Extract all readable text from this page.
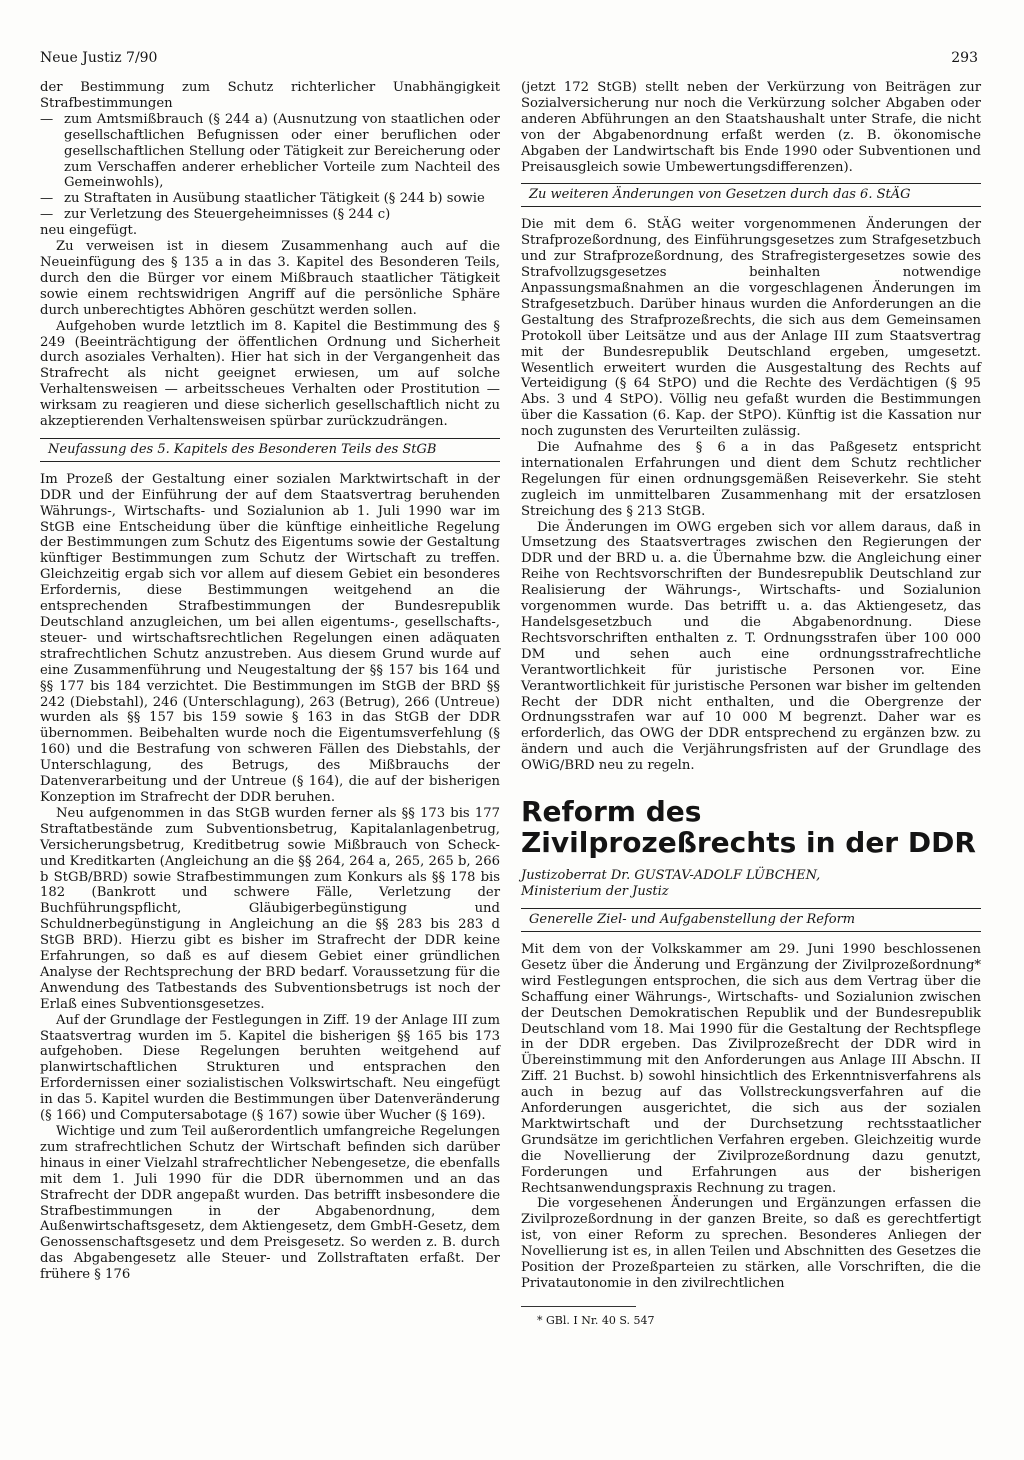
Neue Justiz 7/90	293

der Bestimmung zum Schutz richterlicher Unabhängigkeit Strafbestimmungen

— zum Amtsmißbrauch (§ 244 a) (Ausnutzung von staatlichen oder gesellschaftlichen Befugnissen oder einer beruflichen oder gesellschaftlichen Stellung oder Tätigkeit zur Bereicherung oder zum Verschaffen anderer erheblicher Vorteile zum Nachteil des Gemeinwohls),
— zu Straftaten in Ausübung staatlicher Tätigkeit (§ 244 b) sowie
— zur Verletzung des Steuergeheimnisses (§ 244 c)

neu eingefügt.

Zu verweisen ist in diesem Zusammenhang auch auf die Neueinfügung des § 135 a in das 3. Kapitel des Besonderen Teils, durch den die Bürger vor einem Mißbrauch staatlicher Tätigkeit sowie einem rechtswidrigen Angriff auf die persönliche Sphäre durch unberechtigtes Abhören geschützt werden sollen.

Aufgehoben wurde letztlich im 8. Kapitel die Bestimmung des § 249 (Beeinträchtigung der öffentlichen Ordnung und Sicherheit durch asoziales Verhalten). Hier hat sich in der Vergangenheit das Strafrecht als nicht geeignet erwiesen, um auf solche Verhaltensweisen — arbeitsscheues Verhalten oder Prostitution — wirksam zu reagieren und diese sicherlich gesellschaftlich nicht zu akzeptierenden Verhaltensweisen spürbar zurückzudrängen.

Neufassung des 5. Kapitels des Besonderen Teils des StGB

Im Prozeß der Gestaltung einer sozialen Marktwirtschaft in der DDR und der Einführung der auf dem Staatsvertrag beruhenden Währungs-, Wirtschafts- und Sozialunion ab 1. Juli 1990 war im StGB eine Entscheidung über die künftige einheitliche Regelung der Bestimmungen zum Schutz des Eigentums sowie der Gestaltung künftiger Bestimmungen zum Schutz der Wirtschaft zu treffen. Gleichzeitig ergab sich vor allem auf diesem Gebiet ein besonderes Erfordernis, diese Bestimmungen weitgehend an die entsprechenden Strafbestimmungen der Bundesrepublik Deutschland anzugleichen, um bei allen eigentums-, gesellschafts-, steuer- und wirtschaftsrechtlichen Regelungen einen adäquaten strafrechtlichen Schutz anzustreben. Aus diesem Grund wurde auf eine Zusammenführung und Neugestaltung der §§ 157 bis 164 und §§ 177 bis 184 verzichtet. Die Bestimmungen im StGB der BRD §§ 242 (Diebstahl), 246 (Unterschlagung), 263 (Betrug), 266 (Untreue) wurden als §§ 157 bis 159 sowie § 163 in das StGB der DDR übernommen. Beibehalten wurde noch die Eigentumsverfehlung (§ 160) und die Bestrafung von schweren Fällen des Diebstahls, der Unterschlagung, des Betrugs, des Mißbrauchs der Datenverarbeitung und der Untreue (§ 164), die auf der bisherigen Konzeption im Strafrecht der DDR beruhen.

Neu aufgenommen in das StGB wurden ferner als §§ 173 bis 177 Straftatbestände zum Subventionsbetrug, Kapitalanlagenbetrug, Versicherungsbetrug, Kreditbetrug sowie Mißbrauch von Scheck- und Kreditkarten (Angleichung an die §§ 264, 264 a, 265, 265 b, 266 b StGB/BRD) sowie Strafbestimmungen zum Konkurs als §§ 178 bis 182 (Bankrott und schwere Fälle, Verletzung der Buchführungspflicht, Gläubigerbegünstigung und Schuldnerbegünstigung in Angleichung an die §§ 283 bis 283 d StGB BRD). Hierzu gibt es bisher im Strafrecht der DDR keine Erfahrungen, so daß es auf diesem Gebiet einer gründlichen Analyse der Rechtsprechung der BRD bedarf. Voraussetzung für die Anwendung des Tatbestands des Subventionsbetrugs ist noch der Erlaß eines Subventionsgesetzes.

Auf der Grundlage der Festlegungen in Ziff. 19 der Anlage III zum Staatsvertrag wurden im 5. Kapitel die bisherigen §§ 165 bis 173 aufgehoben. Diese Regelungen beruhten weitgehend auf planwirtschaftlichen Strukturen und entsprachen den Erfordernissen einer sozialistischen Volkswirtschaft. Neu eingefügt in das 5. Kapitel wurden die Bestimmungen über Datenveränderung (§ 166) und Computersabotage (§ 167) sowie über Wucher (§ 169).

Wichtige und zum Teil außerordentlich umfangreiche Regelungen zum strafrechtlichen Schutz der Wirtschaft befinden sich darüber hinaus in einer Vielzahl strafrechtlicher Nebengesetze, die ebenfalls mit dem 1. Juli 1990 für die DDR übernommen und an das Strafrecht der DDR angepaßt wurden. Das betrifft insbesondere die Strafbestimmungen in der Abgabenordnung, dem Außenwirtschaftsgesetz, dem Aktiengesetz, dem GmbH-Gesetz, dem Genossenschaftsgesetz und dem Preisgesetz. So werden z. B. durch das Abgabengesetz alle Steuer- und Zollstraftaten erfaßt. Der frühere § 176

(jetzt 172 StGB) stellt neben der Verkürzung von Beiträgen zur Sozialversicherung nur noch die Verkürzung solcher Abgaben oder anderen Abführungen an den Staatshaushalt unter Strafe, die nicht von der Abgabenordnung erfaßt werden (z. B. ökonomische Abgaben der Landwirtschaft bis Ende 1990 oder Subventionen und Preisausgleich sowie Umbewertungsdifferenzen).

Zu weiteren Änderungen von Gesetzen durch das 6. StÄG

Die mit dem 6. StÄG weiter vorgenommenen Änderungen der Strafprozeßordnung, des Einführungsgesetzes zum Strafgesetzbuch und zur Strafprozeßordnung, des Strafregistergesetzes sowie des Strafvollzugsgesetzes beinhalten notwendige Anpassungsmaßnahmen an die vorgeschlagenen Änderungen im Strafgesetzbuch. Darüber hinaus wurden die Anforderungen an die Gestaltung des Strafprozeßrechts, die sich aus dem Gemeinsamen Protokoll über Leitsätze und aus der Anlage III zum Staatsvertrag mit der Bundesrepublik Deutschland ergeben, umgesetzt. Wesentlich erweitert wurden die Ausgestaltung des Rechts auf Verteidigung (§ 64 StPO) und die Rechte des Verdächtigen (§ 95 Abs. 3 und 4 StPO). Völlig neu gefaßt wurden die Bestimmungen über die Kassation (6. Kap. der StPO). Künftig ist die Kassation nur noch zugunsten des Verurteilten zulässig.

Die Aufnahme des § 6 a in das Paßgesetz entspricht internationalen Erfahrungen und dient dem Schutz rechtlicher Regelungen für einen ordnungsgemäßen Reiseverkehr. Sie steht zugleich im unmittelbaren Zusammenhang mit der ersatzlosen Streichung des § 213 StGB.

Die Änderungen im OWG ergeben sich vor allem daraus, daß in Umsetzung des Staatsvertrages zwischen den Regierungen der DDR und der BRD u. a. die Übernahme bzw. die Angleichung einer Reihe von Rechtsvorschriften der Bundesrepublik Deutschland zur Realisierung der Währungs-, Wirtschafts- und Sozialunion vorgenommen wurde. Das betrifft u. a. das Aktiengesetz, das Handelsgesetzbuch und die Abgabenordnung. Diese Rechtsvorschriften enthalten z. T. Ordnungsstrafen über 100 000 DM und sehen auch eine ordnungsstrafrechtliche Verantwortlichkeit für juristische Personen vor. Eine Verantwortlichkeit für juristische Personen war bisher im geltenden Recht der DDR nicht enthalten, und die Obergrenze der Ordnungsstrafen war auf 10 000 M begrenzt. Daher war es erforderlich, das OWG der DDR entsprechend zu ergänzen bzw. zu ändern und auch die Verjährungsfristen auf der Grundlage des OWiG/BRD neu zu regeln.

Reform des Zivilprozeßrechts in der DDR
Justizoberrat Dr. GUSTAV-ADOLF LÜBCHEN,
Ministerium der Justiz
Generelle Ziel- und Aufgabenstellung der Reform

Mit dem von der Volkskammer am 29. Juni 1990 beschlossenen Gesetz über die Änderung und Ergänzung der Zivilprozeßordnung* wird Festlegungen entsprochen, die sich aus dem Vertrag über die Schaffung einer Währungs-, Wirtschafts- und Sozialunion zwischen der Deutschen Demokratischen Republik und der Bundesrepublik Deutschland vom 18. Mai 1990 für die Gestaltung der Rechtspflege in der DDR ergeben. Das Zivilprozeßrecht der DDR wird in Übereinstimmung mit den Anforderungen aus Anlage III Abschn. II Ziff. 21 Buchst. b) sowohl hinsichtlich des Erkenntnisverfahrens als auch in bezug auf das Vollstreckungsverfahren auf die Anforderungen ausgerichtet, die sich aus der sozialen Marktwirtschaft und der Durchsetzung rechtsstaatlicher Grundsätze im gerichtlichen Verfahren ergeben. Gleichzeitig wurde die Novellierung der Zivilprozeßordnung dazu genutzt, Forderungen und Erfahrungen aus der bisherigen Rechtsanwendungspraxis Rechnung zu tragen.

Die vorgesehenen Änderungen und Ergänzungen erfassen die Zivilprozeßordnung in der ganzen Breite, so daß es gerechtfertigt ist, von einer Reform zu sprechen. Besonderes Anliegen der Novellierung ist es, in allen Teilen und Abschnitten des Gesetzes die Position der Prozeßparteien zu stärken, alle Vorschriften, die die Privatautonomie in den zivilrechtlichen

* GBl. I Nr. 40 S. 547
